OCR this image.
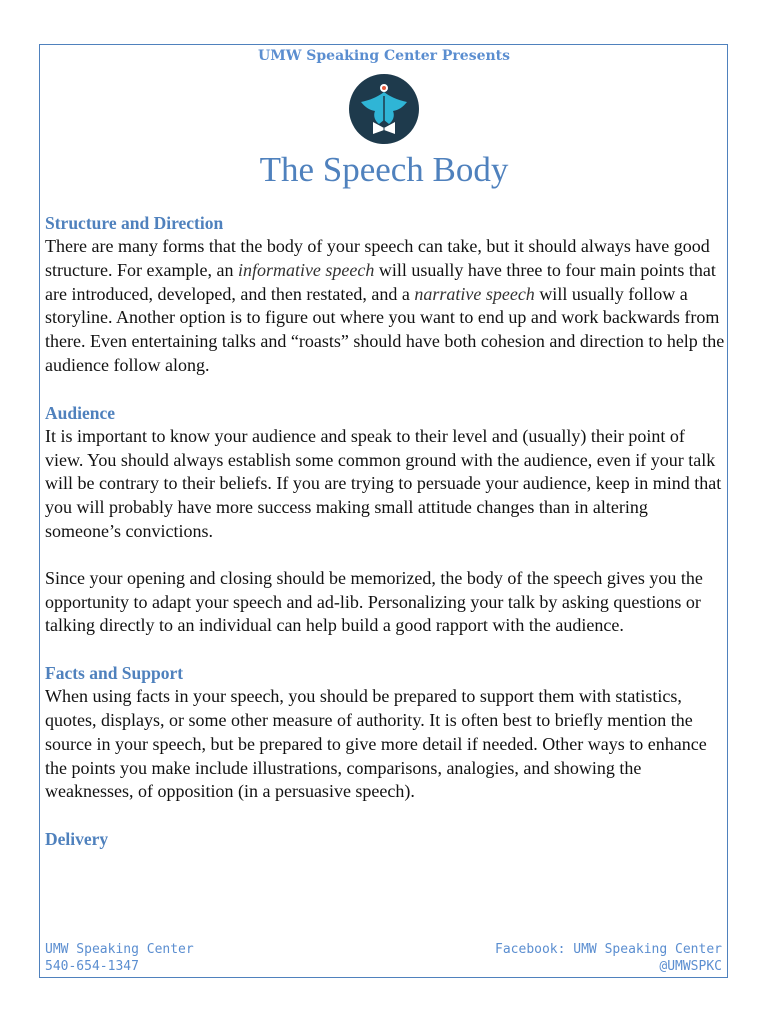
UMW Speaking Center Presents
The Speech Body

Structure and Direction

There are many forms that the body of your speech can take, but it should always have good structure. For example, an informative speech will usually have three to four main points that are introduced, developed, and then restated, and a narrative speech will usually follow a storyline. Another option is to figure out where you want to end up and work backwards from there. Even entertaining talks and “roasts” should have both cohesion and direction to help the audience follow along.

Audience

It is important to know your audience and speak to their level and (usually) their point of view. You should always establish some common ground with the audience, even if your talk will be contrary to their beliefs. If you are trying to persuade your audience, keep in mind that you will probably have more success making small attitude changes than in altering someone’s convictions.

Since your opening and closing should be memorized, the body of the speech gives you the opportunity to adapt your speech and ad-lib. Personalizing your talk by asking questions or talking directly to an individual can help build a good rapport with the audience.

Facts and Support

When using facts in your speech, you should be prepared to support them with statistics, quotes, displays, or some other measure of authority. It is often best to briefly mention the source in your speech, but be prepared to give more detail if needed. Other ways to enhance the points you make include illustrations, comparisons, analogies, and showing the weaknesses, of opposition (in a persuasive speech).

Delivery

UMW Speaking Center
540-654-1347
Facebook: UMW Speaking Center
@UMWSPKC
